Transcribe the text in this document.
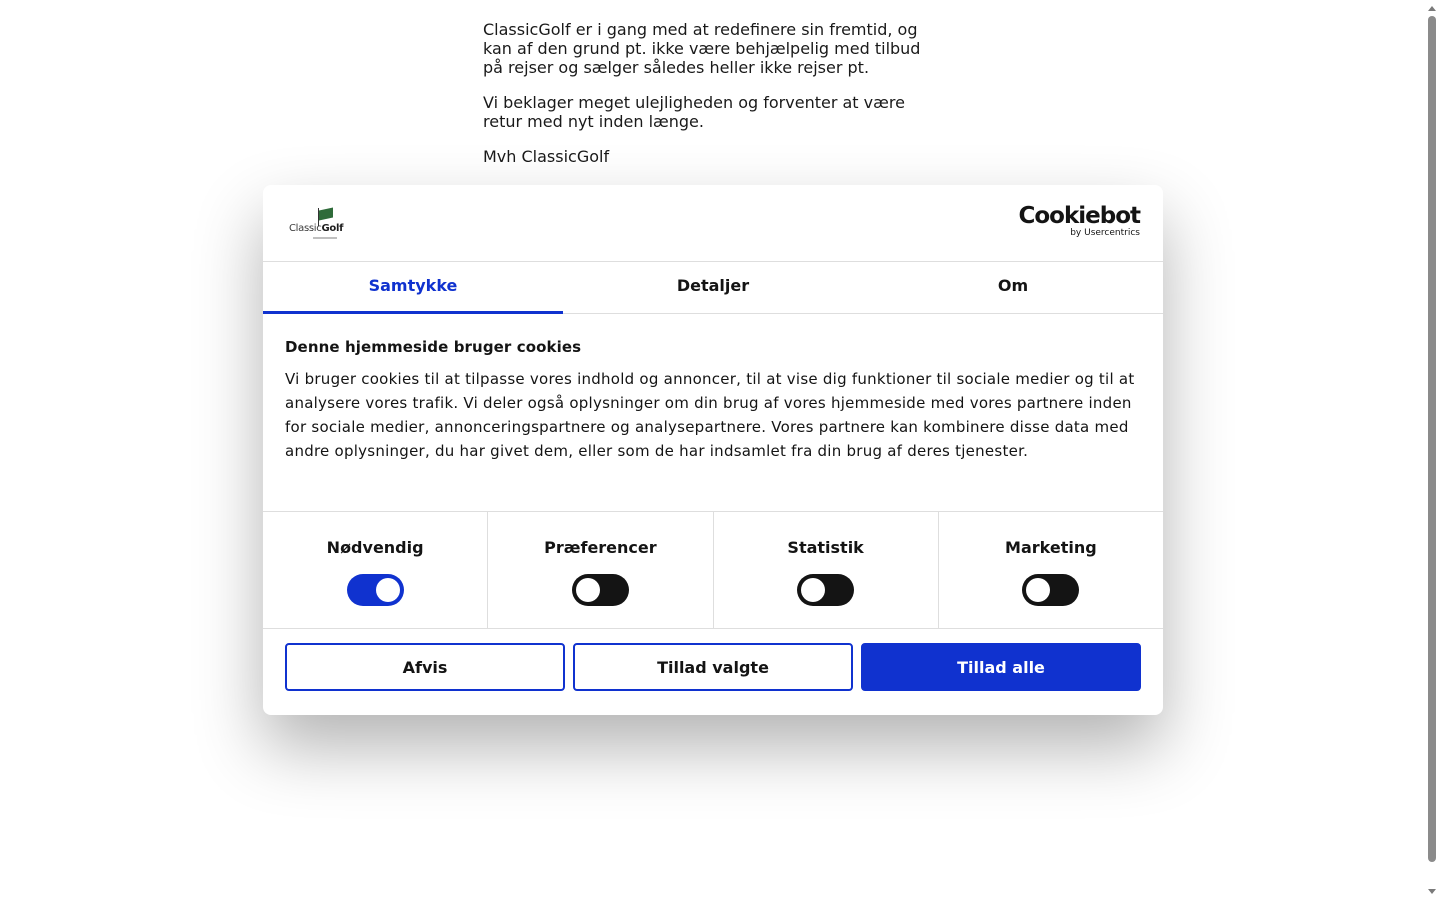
ClassicGolf er i gang med at redefinere sin fremtid, og kan af den grund pt. ikke være behjælpelig med tilbud på rejser og sælger således heller ikke rejser pt.

Vi beklager meget ulejligheden og forventer at være retur med nyt inden længe.

Mvh ClassicGolf

ClassicGolf	Cookiebot
by Usercentrics
Samtykke	Detaljer	Om
Denne hjemmeside bruger cookies

Vi bruger cookies til at tilpasse vores indhold og annoncer, til at vise dig funktioner til sociale medier og til at analysere vores trafik. Vi deler også oplysninger om din brug af vores hjemmeside med vores partnere inden for sociale medier, annonceringspartnere og analysepartnere. Vores partnere kan kombinere disse data med andre oplysninger, du har givet dem, eller som de har indsamlet fra din brug af deres tjenester.

Nødvendig	Præferencer	Statistik	Marketing
Afvis	Tillad valgte	Tillad alle
